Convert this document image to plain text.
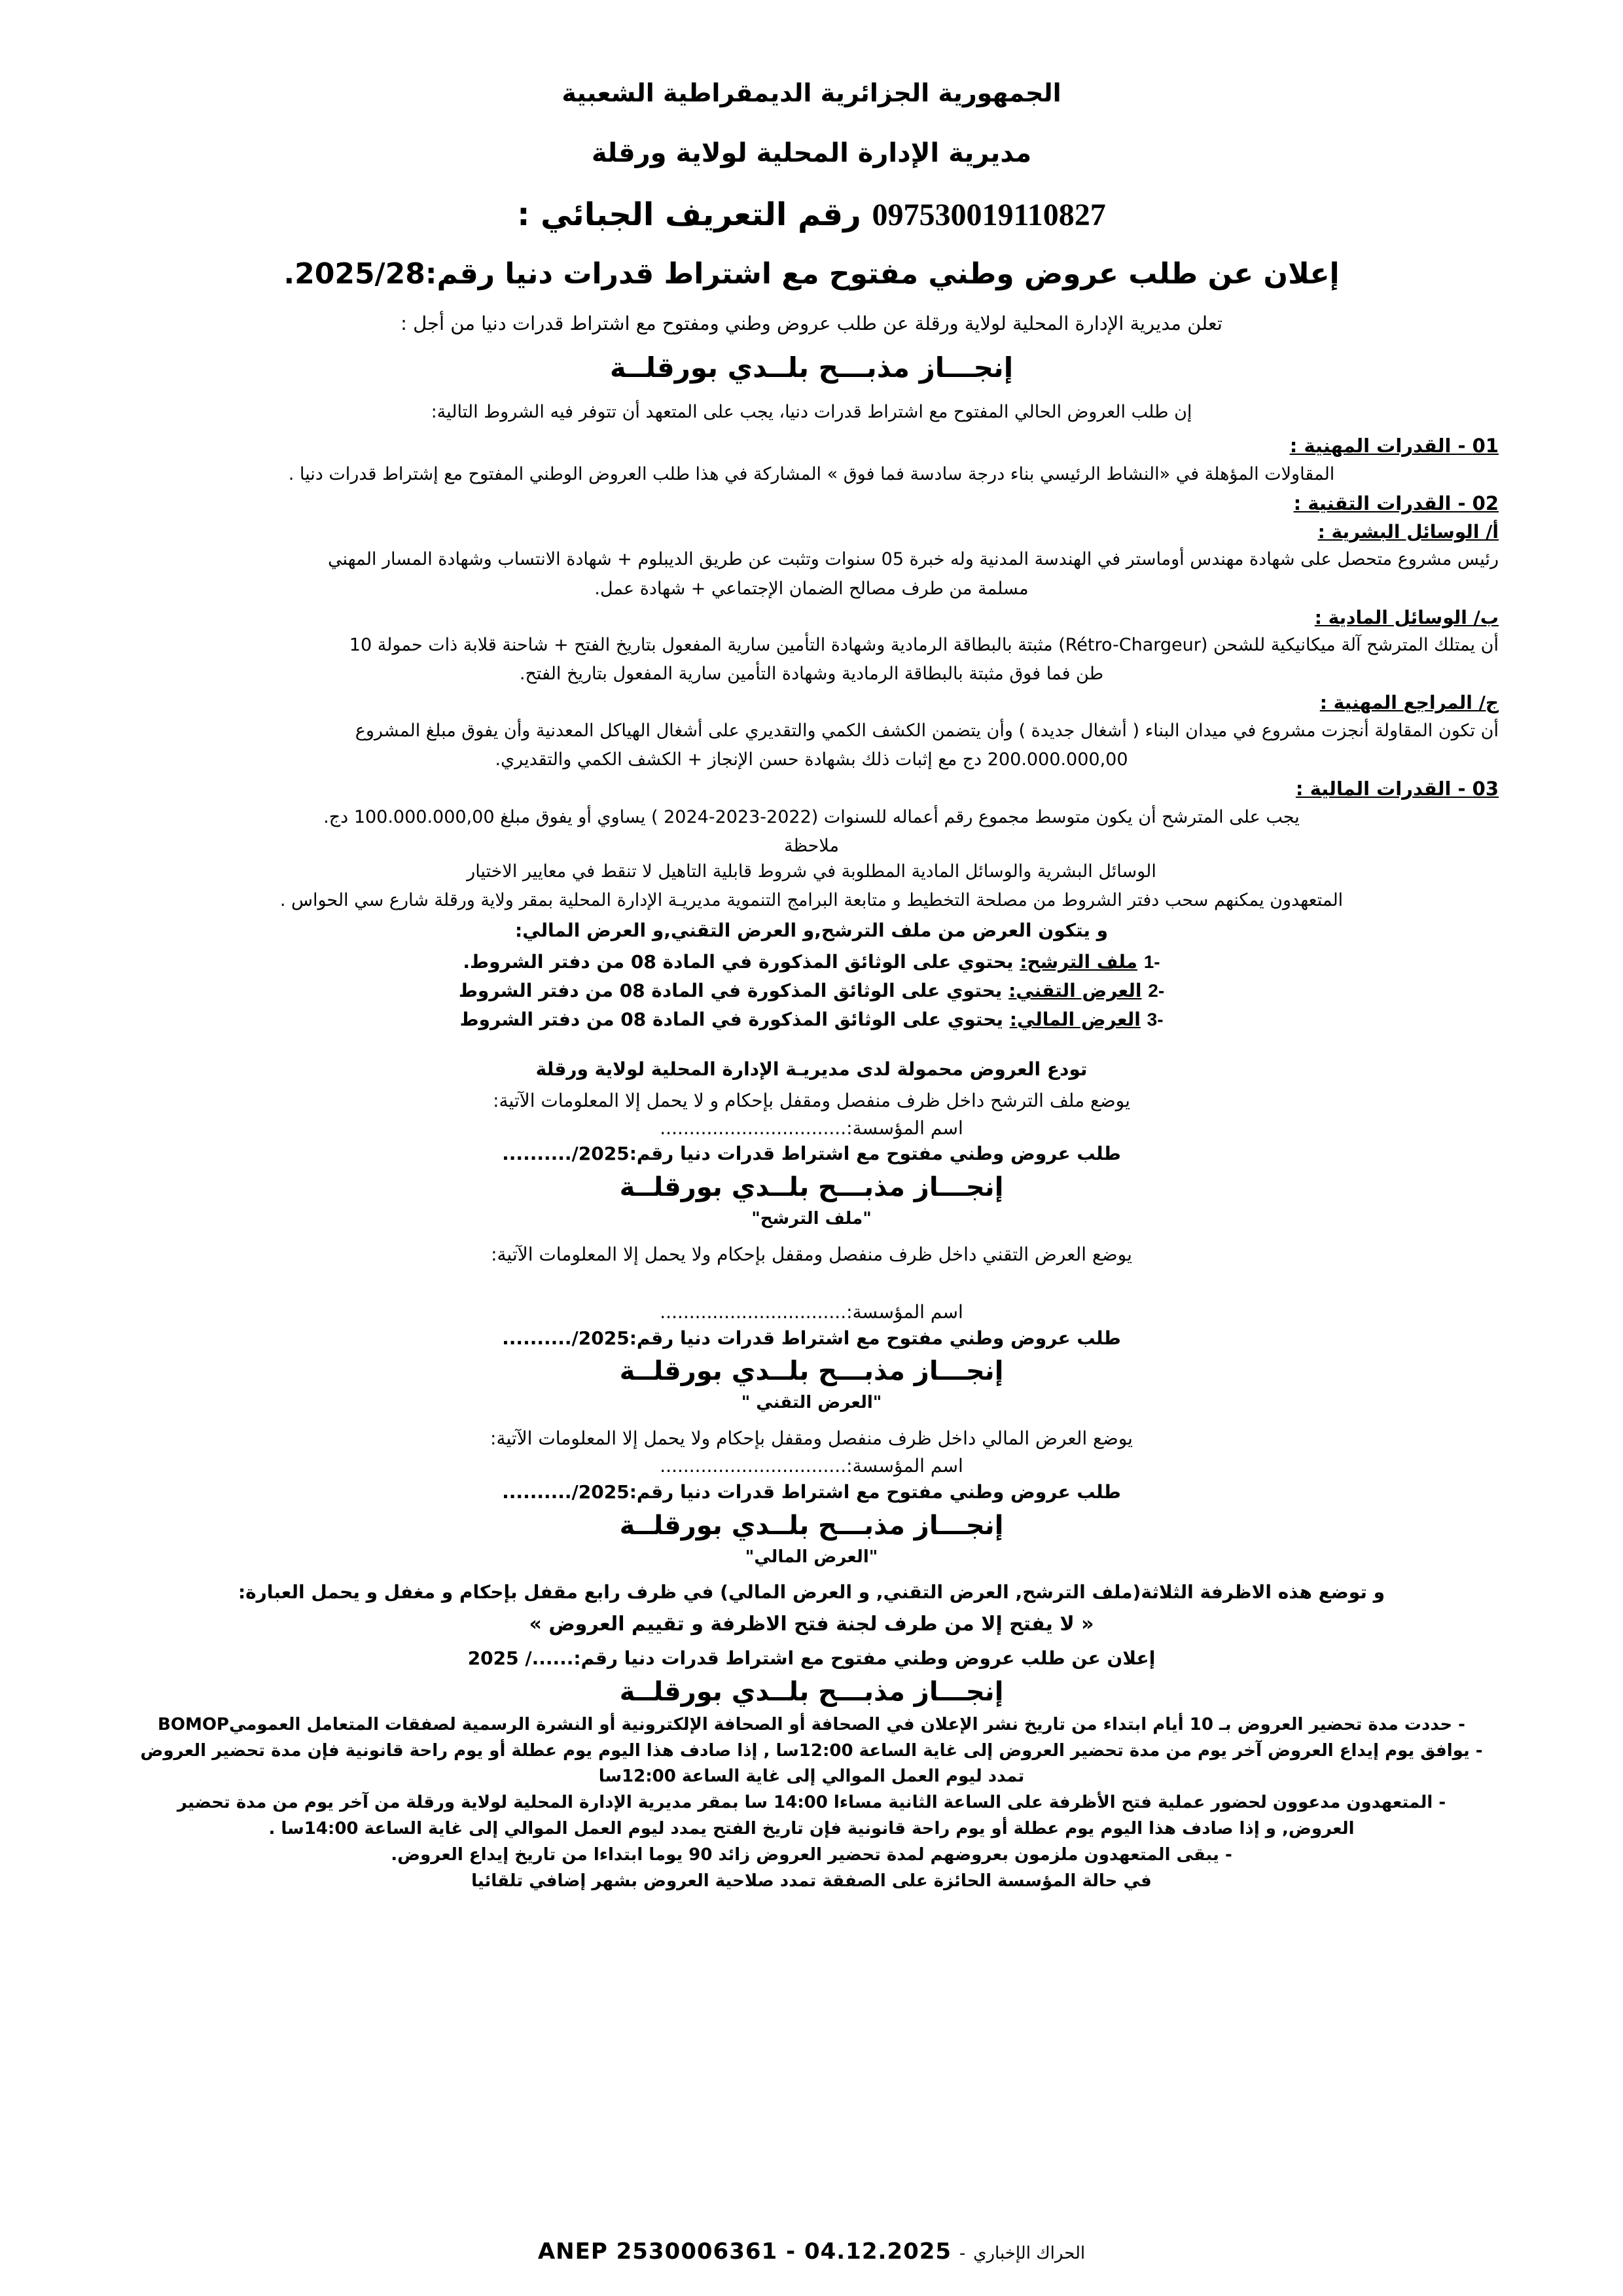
الجمهورية الجزائرية الديمقراطية الشعبية
مديرية الإدارة المحلية لولاية ورقلة
097530019110827 رقم التعريف الجبائي :
إعلان عن طلب عروض وطني مفتوح مع اشتراط قدرات دنيا رقم:2025/28.
تعلن مديرية الإدارة المحلية لولاية ورقلة عن طلب عروض وطني ومفتوح مع اشتراط قدرات دنيا من أجل :
إنجـــاز مذبـــح بلــدي بورقلــة
إن طلب العروض الحالي المفتوح مع اشتراط قدرات دنيا، يجب على المتعهد أن تتوفر فيه الشروط التالية:
01 - القدرات المهنية :
المقاولات المؤهلة في «النشاط الرئيسي بناء درجة سادسة فما فوق » المشاركة في هذا طلب العروض الوطني المفتوح مع إشتراط قدرات دنيا .
02 - القدرات التقنية :
أ/ الوسائل البشرية :
رئيس مشروع متحصل على شهادة مهندس أوماستر في الهندسة المدنية وله خبرة 05 سنوات وتثبت عن طريق الديبلوم + شهادة الانتساب وشهادة المسار المهني
مسلمة من طرف مصالح الضمان الإجتماعي + شهادة عمل.
ب/ الوسائل المادية :
أن يمتلك المترشح آلة ميكانيكية للشحن (Rétro-Chargeur) مثبتة بالبطاقة الرمادية وشهادة التأمين سارية المفعول بتاريخ الفتح + شاحنة قلابة ذات حمولة 10
طن فما فوق مثبتة بالبطاقة الرمادية وشهادة التأمين سارية المفعول بتاريخ الفتح.
ج/ المراجع المهنية :
أن تكون المقاولة أنجزت مشروع في ميدان البناء ( أشغال جديدة ) وأن يتضمن الكشف الكمي والتقديري على أشغال الهياكل المعدنية وأن يفوق مبلغ المشروع
200.000.000,00 دج مع إثبات ذلك بشهادة حسن الإنجاز + الكشف الكمي والتقديري.
03 - القدرات المالية :
يجب على المترشح أن يكون متوسط مجموع رقم أعماله للسنوات (2022-2023-2024 ) يساوي أو يفوق مبلغ 100.000.000,00 دج.
ملاحظة
الوسائل البشرية والوسائل المادية المطلوبة في شروط قابلية التاهيل لا تنقط في معايير الاختيار
المتعهدون يمكنهم سحب دفتر الشروط من مصلحة التخطيط و متابعة البرامج التنموية مديريـة الإدارة المحلية بمقر ولاية ورقلة شارع سي الحواس .
و يتكون العرض من ملف الترشح,و العرض التقني,و العرض المالي:
-1 ملف الترشح: يحتوي على الوثائق المذكورة في المادة 08 من دفتر الشروط.
-2 العرض التقني: يحتوي على الوثائق المذكورة في المادة 08 من دفتر الشروط
-3 العرض المالي: يحتوي على الوثائق المذكورة في المادة 08 من دفتر الشروط
تودع العروض محمولة لدى مديريـة الإدارة المحلية لولاية ورقلة
يوضع ملف الترشح داخل ظرف منفصل ومقفل بإحكام و لا يحمل إلا المعلومات الآتية:
اسم المؤسسة:................................
طلب عروض وطني مفتوح مع اشتراط قدرات دنيا رقم:........../2025
إنجـــاز مذبـــح بلــدي بورقلــة
"ملف الترشح"
يوضع العرض التقني داخل ظرف منفصل ومقفل بإحكام ولا يحمل إلا المعلومات الآتية:
اسم المؤسسة:................................
طلب عروض وطني مفتوح مع اشتراط قدرات دنيا رقم:........../2025
إنجـــاز مذبـــح بلــدي بورقلــة
"العرض التقني "
يوضع العرض المالي داخل ظرف منفصل ومقفل بإحكام ولا يحمل إلا المعلومات الآتية:
اسم المؤسسة:................................
طلب عروض وطني مفتوح مع اشتراط قدرات دنيا رقم:........../2025
إنجـــاز مذبـــح بلــدي بورقلــة
"العرض المالي"
و توضع هذه الاظرفة الثلاثة(ملف الترشح, العرض التقني, و العرض المالي) في ظرف رابع مقفل بإحكام و مغفل و يحمل العبارة:
« لا يفتح إلا من طرف لجنة فتح الاظرفة و تقييم العروض »
إعلان عن طلب عروض وطني مفتوح مع اشتراط قدرات دنيا رقم:....../ 2025
إنجـــاز مذبـــح بلــدي بورقلــة
- حددت مدة تحضير العروض بـ 10 أيام ابتداء من تاريخ نشر الإعلان في الصحافة أو الصحافة الإلكترونية أو النشرة الرسمية لصفقات المتعامل العموميBOMOP
- يوافق يوم إيداع العروض آخر يوم من مدة تحضير العروض إلى غاية الساعة 12:00سا , إذا صادف هذا اليوم يوم عطلة أو يوم راحة قانونية فإن مدة تحضير العروض
تمدد ليوم العمل الموالي إلى غاية الساعة 12:00سا
- المتعهدون مدعوون لحضور عملية فتح الأظرفة على الساعة الثانية مساءا 14:00 سا بمقر مديرية الإدارة المحلية لولاية ورقلة من آخر يوم من مدة تحضير
العروض, و إذا صادف هذا اليوم يوم عطلة أو يوم راحة قانونية فإن تاريخ الفتح يمدد ليوم العمل الموالي إلى غاية الساعة 14:00سا .
- يبقى المتعهدون ملزمون بعروضهم لمدة تحضير العروض زائد 90 يوما ابتداءا من تاريخ إيداع العروض.
في حالة المؤسسة الحائزة على الصفقة تمدد صلاحية العروض بشهر إضافي تلقائيا
الحراك الإخباري - ANEP 2530006361 - 04.12.2025
